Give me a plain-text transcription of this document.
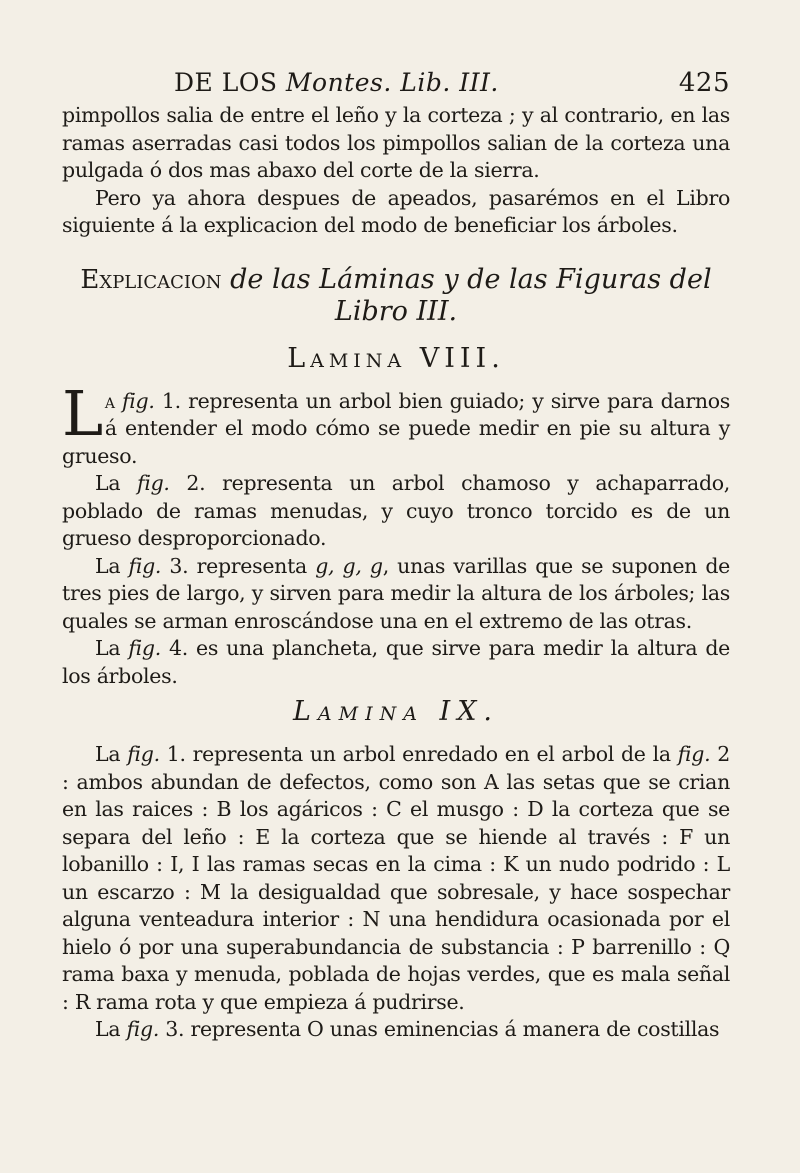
DE LOS Montes. Lib. III.	425

pimpollos salia de entre el leño y la corteza ; y al contrario, en las ramas aserradas casi todos los pimpollos salian de la corteza una pulgada ó dos mas abaxo del corte de la sierra.

Pero ya ahora despues de apeados, pasarémos en el Libro siguiente á la explicacion del modo de beneficiar los árboles.

Explicacion de las Láminas y de las Figuras del
Libro III.
Lamina VIII.

La fig. 1. representa un arbol bien guiado; y sirve para darnos á entender el modo cómo se puede medir en pie su altura y grueso.

La fig. 2. representa un arbol chamoso y achaparrado, poblado de ramas menudas, y cuyo tronco torcido es de un grueso desproporcionado.

La fig. 3. representa g, g, g, unas varillas que se suponen de tres pies de largo, y sirven para medir la altura de los árboles; las quales se arman enroscándose una en el extremo de las otras.

La fig. 4. es una plancheta, que sirve para medir la altura de los árboles.

Lamina IX.

La fig. 1. representa un arbol enredado en el arbol de la fig. 2 : ambos abundan de defectos, como son A las setas que se crian en las raices : B los agáricos : C el musgo : D la corteza que se separa del leño : E la corteza que se hiende al través : F un lobanillo : I, I las ramas secas en la cima : K un nudo podrido : L un escarzo : M la desigualdad que sobresale, y hace sospechar alguna venteadura interior : N una hendidura ocasionada por el hielo ó por una superabundancia de substancia : P barrenillo : Q rama baxa y menuda, poblada de hojas verdes, que es mala señal : R rama rota y que empieza á pudrirse.

La fig. 3. representa O unas eminencias á manera de costillas
